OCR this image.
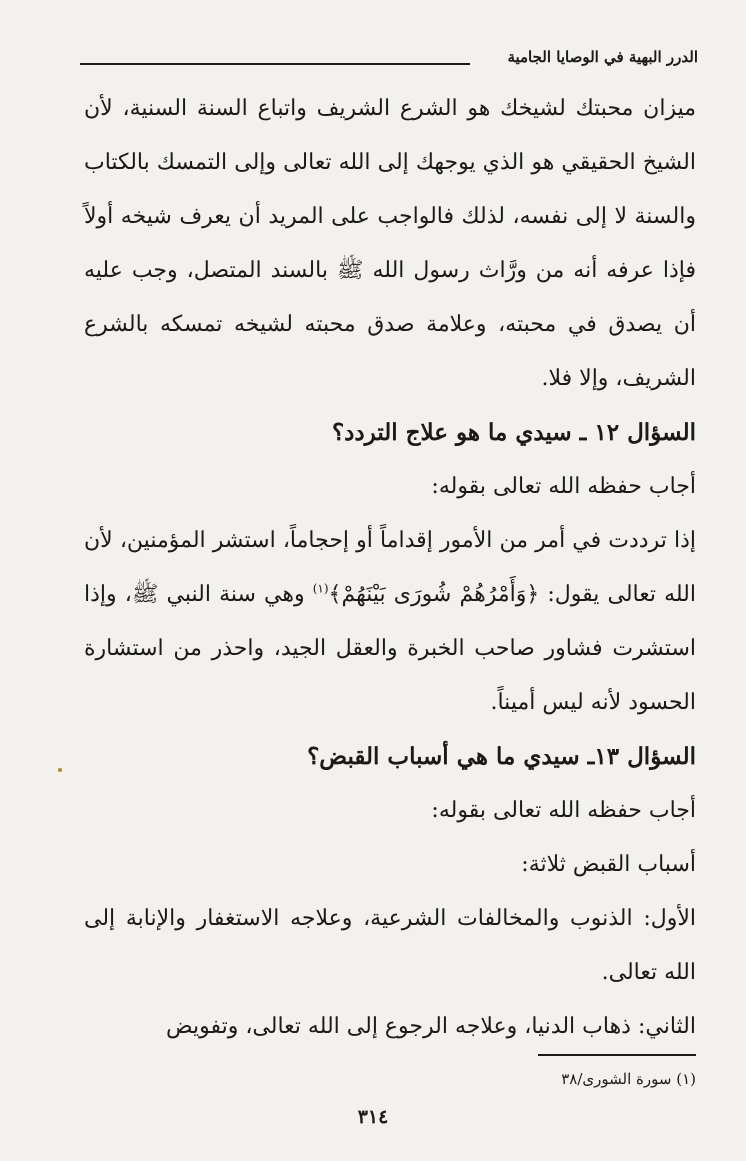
الدرر البهية في الوصايا الجامية

ميزان محبتك لشيخك هو الشرع الشريف واتباع السنة السنية، لأن الشيخ الحقيقي هو الذي يوجهك إلى الله تعالى وإلى التمسك بالكتاب والسنة لا إلى نفسه، لذلك فالواجب على المريد أن يعرف شيخه أولاً فإذا عرفه أنه من ورَّاث رسول الله ﷺ بالسند المتصل، وجب عليه أن يصدق في محبته، وعلامة صدق محبته لشيخه تمسكه بالشرع الشريف، وإلا فلا.

السؤال ١٢ ـ سيدي ما هو علاج التردد؟

أجاب حفظه الله تعالى بقوله:

إذا ترددت في أمر من الأمور إقداماً أو إحجاماً، استشر المؤمنين، لأن الله تعالى يقول: ﴿وَأَمْرُهُمْ شُورَى بَيْنَهُمْ﴾$^{(١)}$ وهي سنة النبي ﷺ، وإذا استشرت فشاور صاحب الخبرة والعقل الجيد، واحذر من استشارة الحسود لأنه ليس أميناً.

السؤال ١٣ـ سيدي ما هي أسباب القبض؟

أجاب حفظه الله تعالى بقوله:

أسباب القبض ثلاثة:

الأول: الذنوب والمخالفات الشرعية، وعلاجه الاستغفار والإنابة إلى الله تعالى.

الثاني: ذهاب الدنيا، وعلاجه الرجوع إلى الله تعالى، وتفويض

(١) سورة الشورى/٣٨
٣١٤
